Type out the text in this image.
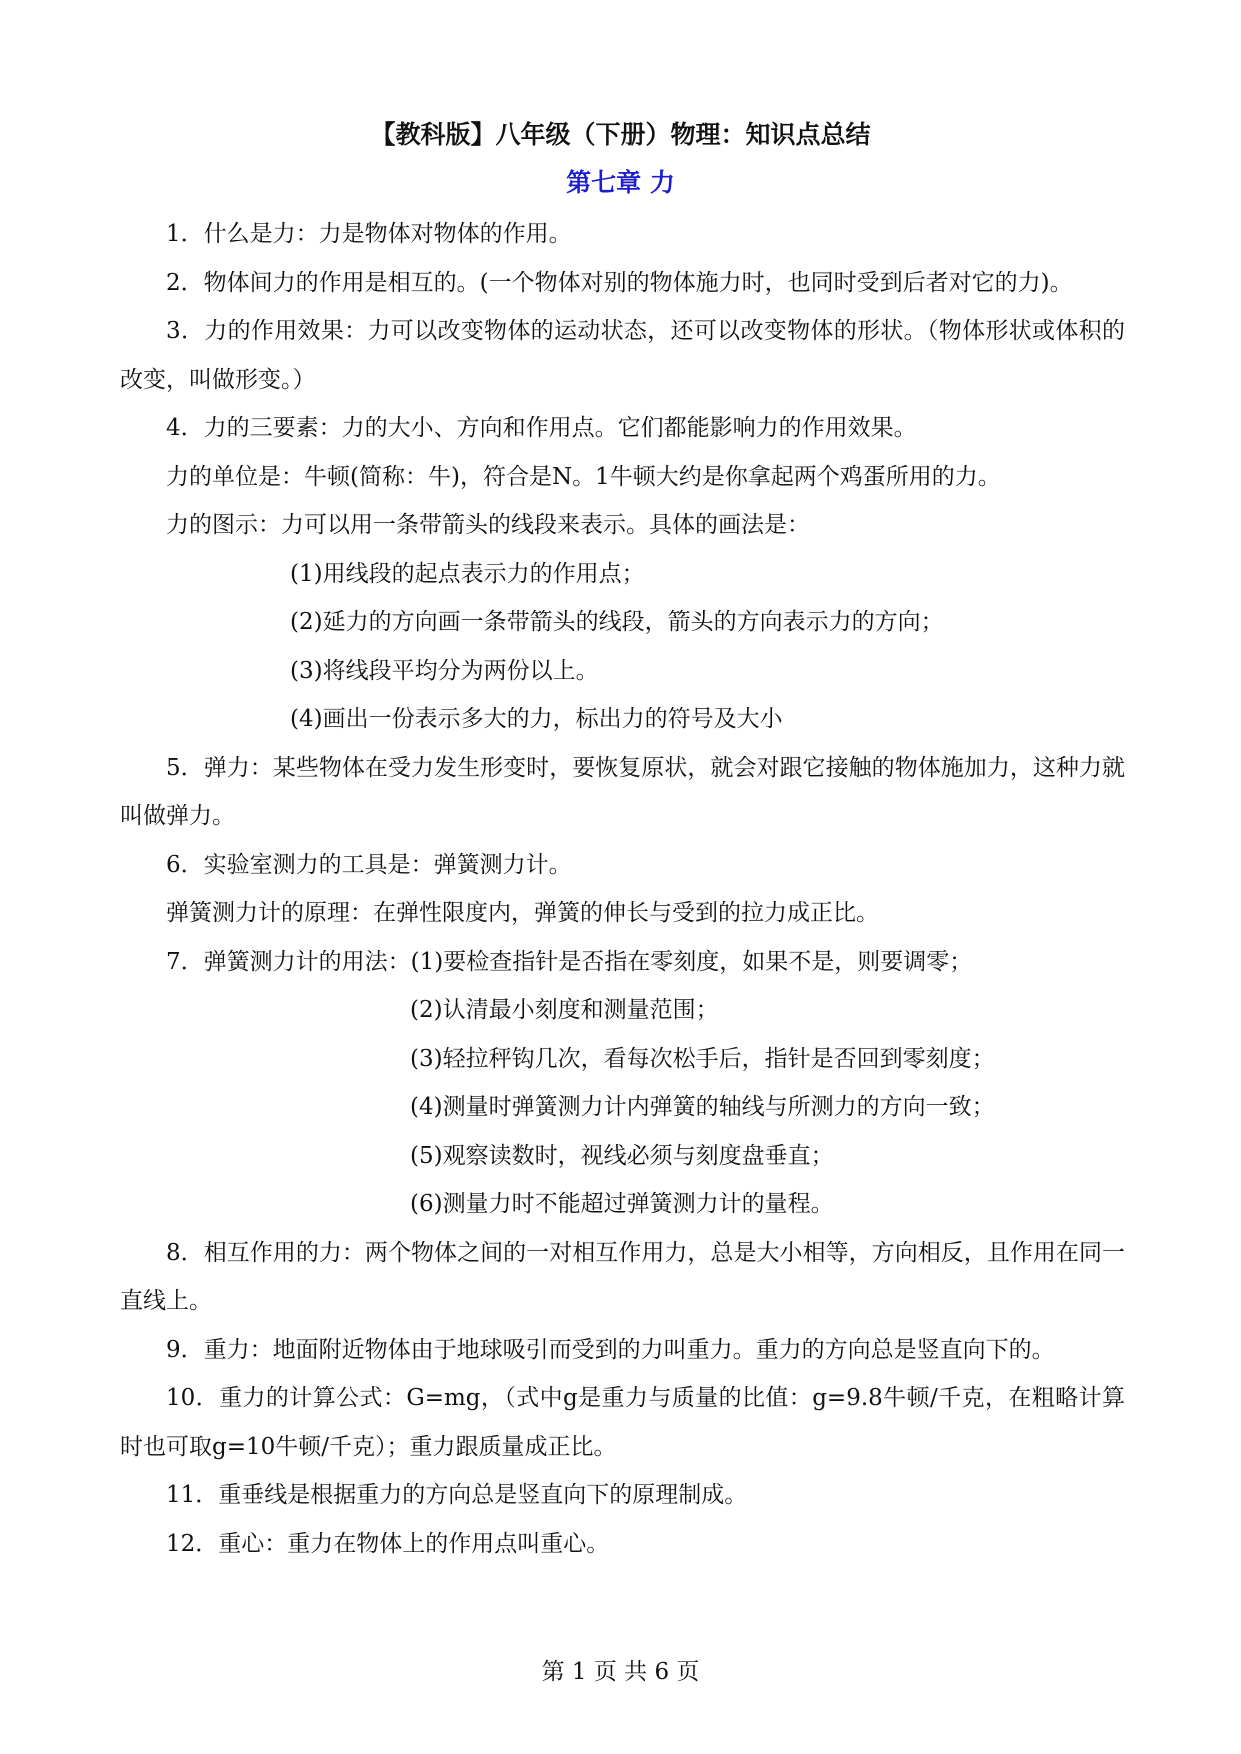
【教科版】八年级（下册）物理：知识点总结
第七章 力

1．什么是力：力是物体对物体的作用。

2．物体间力的作用是相互的。(一个物体对别的物体施力时，也同时受到后者对它的力)。

3．力的作用效果：力可以改变物体的运动状态，还可以改变物体的形状。（物体形状或体积的改变，叫做形变。）

4．力的三要素：力的大小、方向和作用点。它们都能影响力的作用效果。

力的单位是：牛顿(简称：牛)，符合是N。1牛顿大约是你拿起两个鸡蛋所用的力。

力的图示：力可以用一条带箭头的线段来表示。具体的画法是：

(1)用线段的起点表示力的作用点；

(2)延力的方向画一条带箭头的线段，箭头的方向表示力的方向；

(3)将线段平均分为两份以上。

(4)画出一份表示多大的力，标出力的符号及大小

5．弹力：某些物体在受力发生形变时，要恢复原状，就会对跟它接触的物体施加力，这种力就叫做弹力。

6．实验室测力的工具是：弹簧测力计。

弹簧测力计的原理：在弹性限度内，弹簧的伸长与受到的拉力成正比。

7．弹簧测力计的用法：(1)要检查指针是否指在零刻度，如果不是，则要调零；

(2)认清最小刻度和测量范围；

(3)轻拉秤钩几次，看每次松手后，指针是否回到零刻度；

(4)测量时弹簧测力计内弹簧的轴线与所测力的方向一致；

(5)观察读数时，视线必须与刻度盘垂直；

(6)测量力时不能超过弹簧测力计的量程。

8．相互作用的力：两个物体之间的一对相互作用力，总是大小相等，方向相反，且作用在同一直线上。

9．重力：地面附近物体由于地球吸引而受到的力叫重力。重力的方向总是竖直向下的。

10．重力的计算公式：G=mg，（式中g是重力与质量的比值：g=9.8牛顿/千克，在粗略计算时也可取g=10牛顿/千克）；重力跟质量成正比。

11．重垂线是根据重力的方向总是竖直向下的原理制成。

12．重心：重力在物体上的作用点叫重心。

第 1 页 共 6 页
